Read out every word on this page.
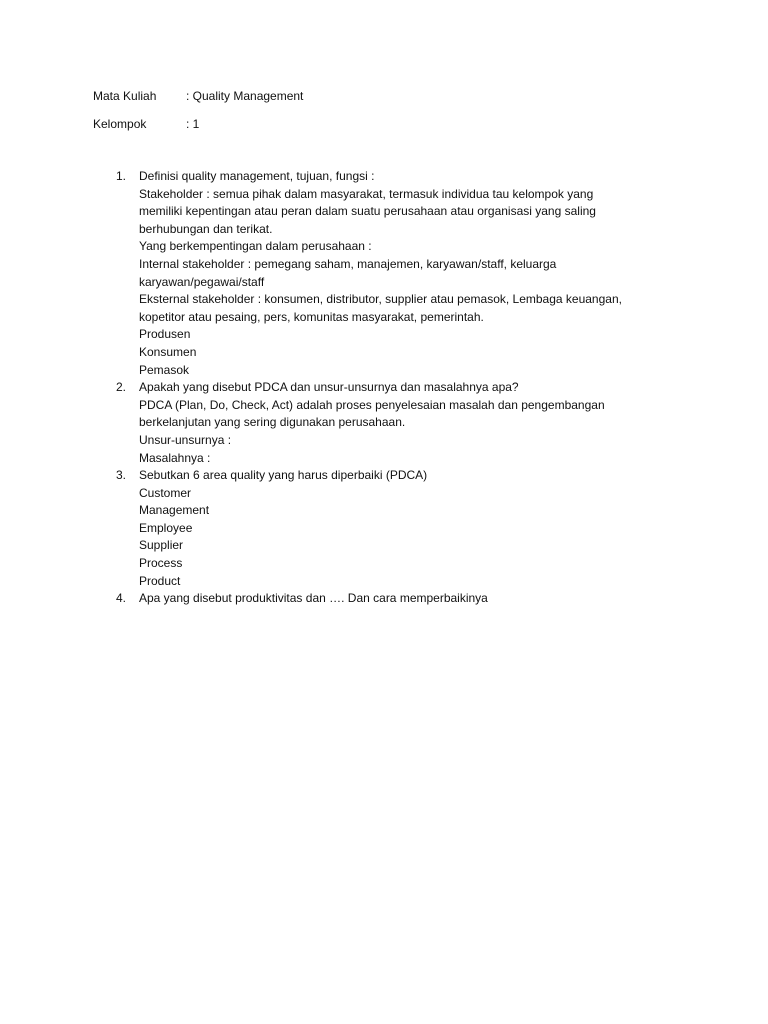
Mata Kuliah : Quality Management
Kelompok	: 1
1.	Definisi quality management, tujuan, fungsi :
Stakeholder : semua pihak dalam masyarakat, termasuk individua tau kelompok yang
memiliki kepentingan atau peran dalam suatu perusahaan atau organisasi yang saling
berhubungan dan terikat.
Yang berkempentingan dalam perusahaan :
Internal stakeholder : pemegang saham, manajemen, karyawan/staff, keluarga
karyawan/pegawai/staff
Eksternal stakeholder : konsumen, distributor, supplier atau pemasok, Lembaga keuangan,
kopetitor atau pesaing, pers, komunitas masyarakat, pemerintah.
Produsen
Konsumen
Pemasok
2.	Apakah yang disebut PDCA dan unsur-unsurnya dan masalahnya apa?
PDCA (Plan, Do, Check, Act) adalah proses penyelesaian masalah dan pengembangan
berkelanjutan yang sering digunakan perusahaan.
Unsur-unsurnya :
Masalahnya :
3.	Sebutkan 6 area quality yang harus diperbaiki (PDCA)
Customer
Management
Employee
Supplier
Process
Product
4.	Apa yang disebut produktivitas dan …. Dan cara memperbaikinya
